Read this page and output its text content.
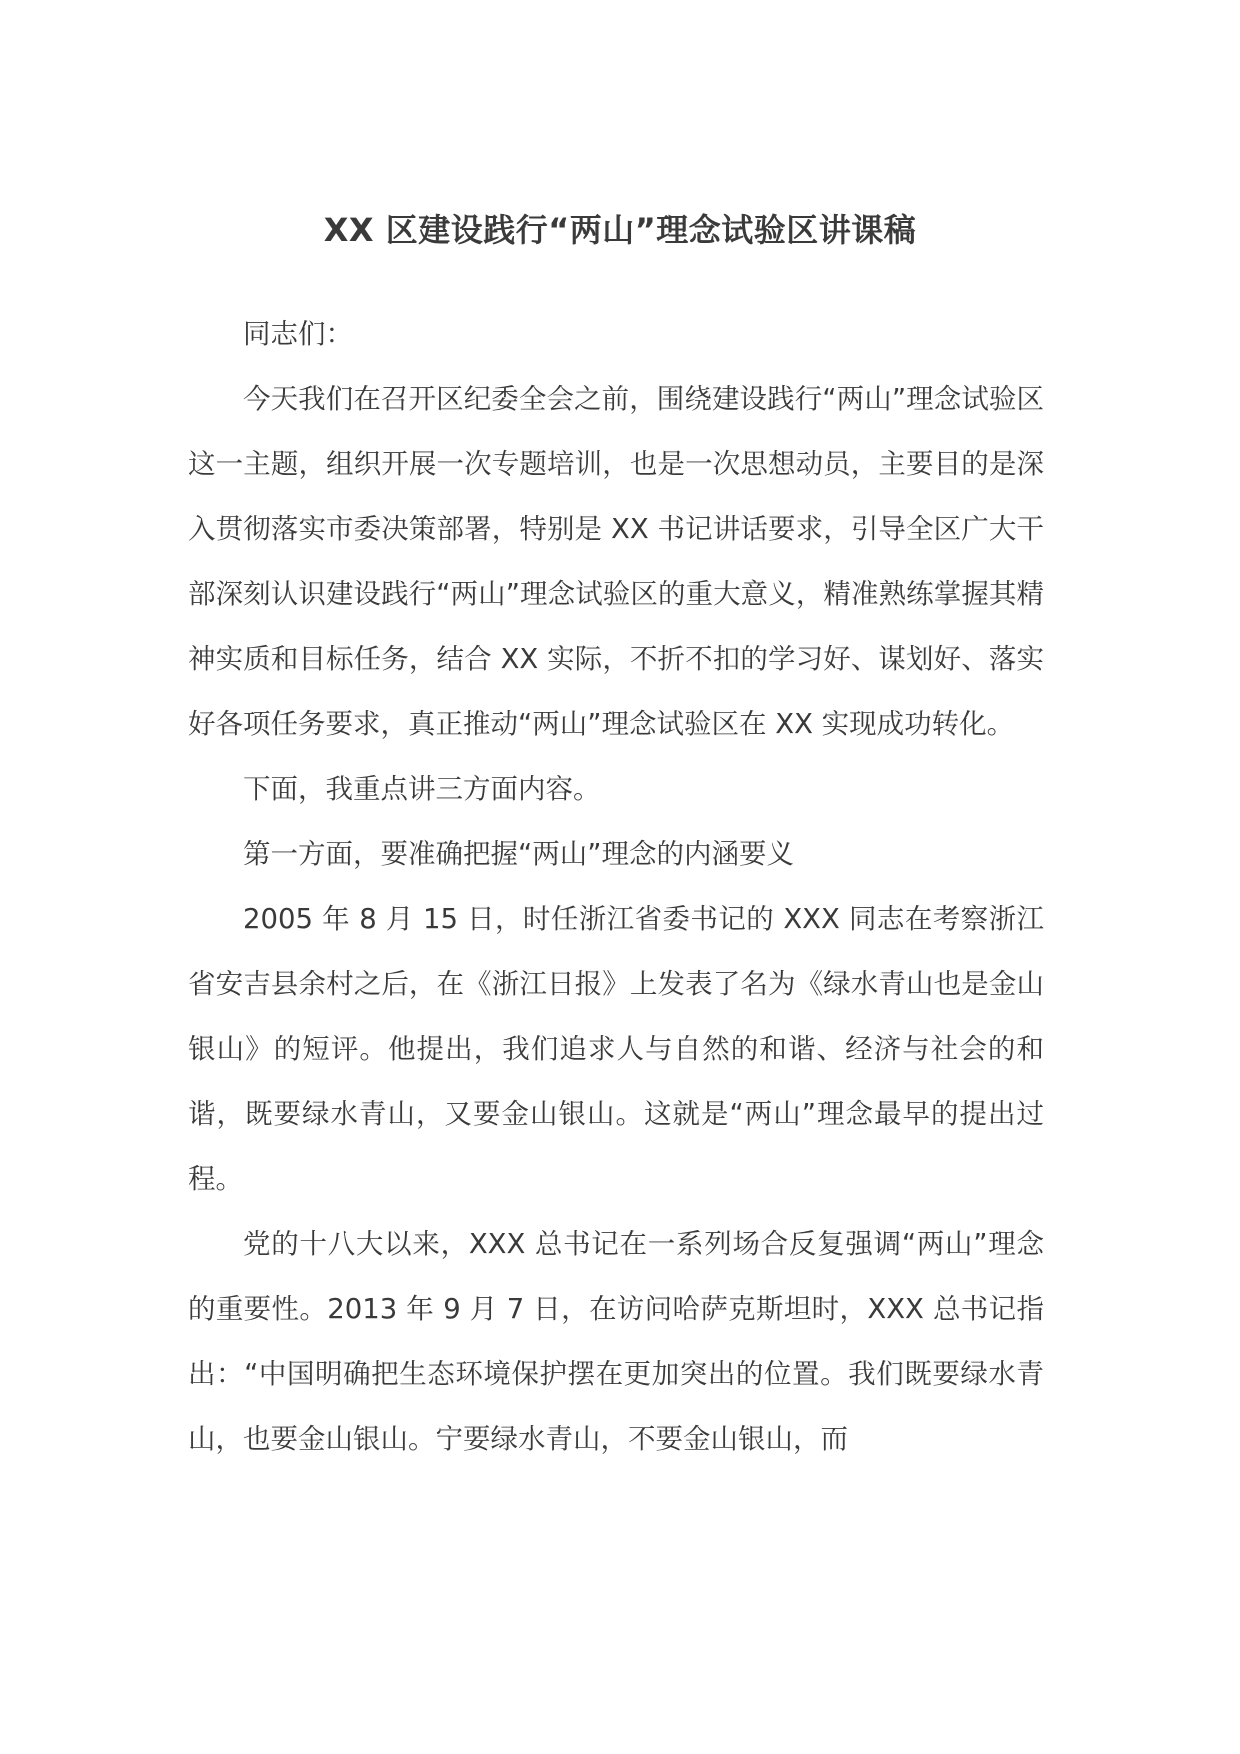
XX 区建设践行“两山”理念试验区讲课稿

同志们：

今天我们在召开区纪委全会之前，围绕建设践行“两山”理念试验区这一主题，组织开展一次专题培训，也是一次思想动员，主要目的是深入贯彻落实市委决策部署，特别是 XX 书记讲话要求，引导全区广大干部深刻认识建设践行“两山”理念试验区的重大意义，精准熟练掌握其精神实质和目标任务，结合 XX 实际，不折不扣的学习好、谋划好、落实好各项任务要求，真正推动“两山”理念试验区在 XX 实现成功转化。

下面，我重点讲三方面内容。

第一方面，要准确把握“两山”理念的内涵要义

2005 年 8 月 15 日，时任浙江省委书记的 XXX 同志在考察浙江省安吉县余村之后，在《浙江日报》上发表了名为《绿水青山也是金山银山》的短评。他提出，我们追求人与自然的和谐、经济与社会的和谐，既要绿水青山，又要金山银山。这就是“两山”理念最早的提出过程。

党的十八大以来，XXX 总书记在一系列场合反复强调“两山”理念的重要性。2013 年 9 月 7 日，在访问哈萨克斯坦时，XXX 总书记指出：“中国明确把生态环境保护摆在更加突出的位置。我们既要绿水青山，也要金山银山。宁要绿水青山，不要金山银山，而
